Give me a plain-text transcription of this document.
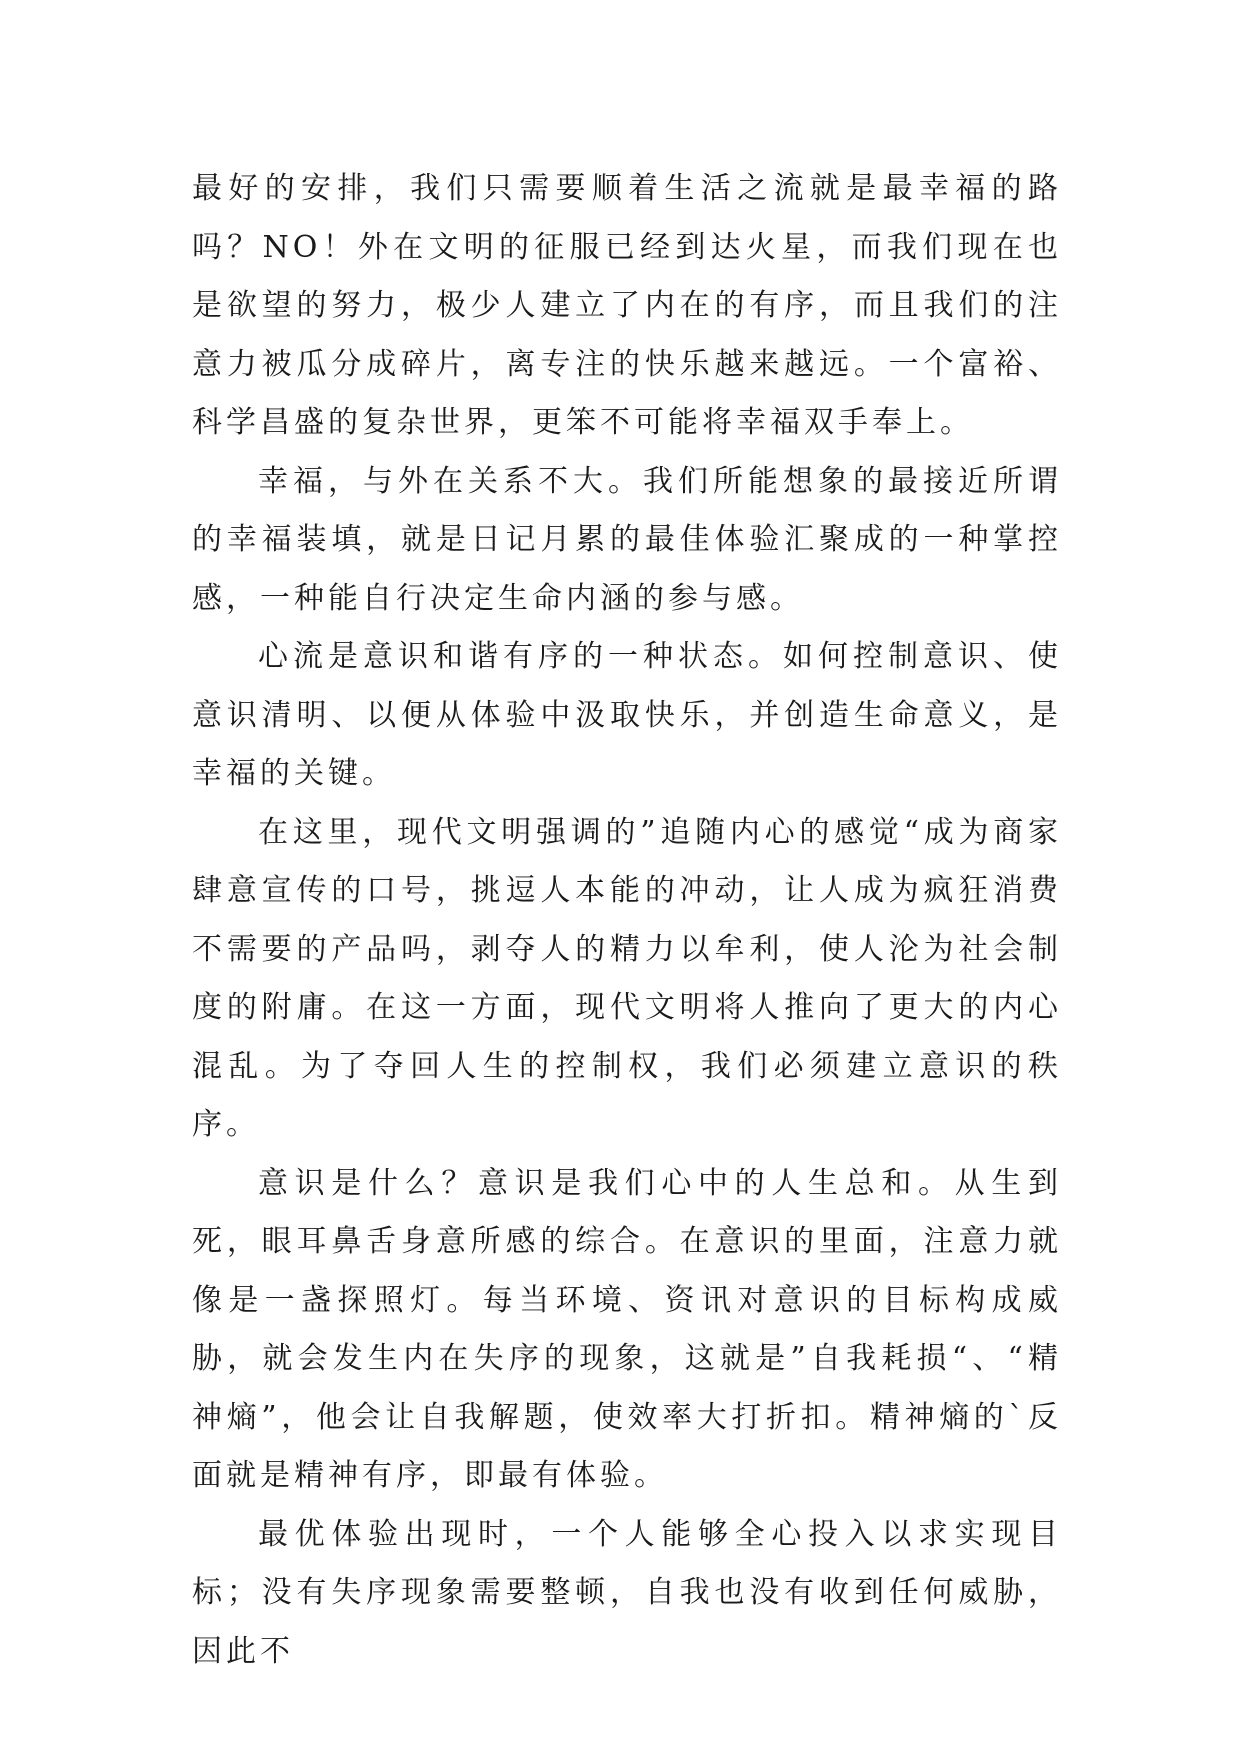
最好的安排，我们只需要顺着生活之流就是最幸福的路吗？NO！外在文明的征服已经到达火星，而我们现在也是欲望的努力，极少人建立了内在的有序，而且我们的注意力被瓜分成碎片，离专注的快乐越来越远。一个富裕、科学昌盛的复杂世界，更笨不可能将幸福双手奉上。

幸福，与外在关系不大。我们所能想象的最接近所谓的幸福装填，就是日记月累的最佳体验汇聚成的一种掌控感，一种能自行决定生命内涵的参与感。

心流是意识和谐有序的一种状态。如何控制意识、使意识清明、以便从体验中汲取快乐，并创造生命意义，是幸福的关键。

在这里，现代文明强调的”追随内心的感觉“成为商家肆意宣传的口号，挑逗人本能的冲动，让人成为疯狂消费不需要的产品吗，剥夺人的精力以牟利，使人沦为社会制度的附庸。在这一方面，现代文明将人推向了更大的内心混乱。为了夺回人生的控制权，我们必须建立意识的秩序。

意识是什么？意识是我们心中的人生总和。从生到死，眼耳鼻舌身意所感的综合。在意识的里面，注意力就像是一盏探照灯。每当环境、资讯对意识的目标构成威胁，就会发生内在失序的现象，这就是”自我耗损“、“精神熵”，他会让自我解题，使效率大打折扣。精神熵的`反面就是精神有序，即最有体验。

最优体验出现时，一个人能够全心投入以求实现目标；没有失序现象需要整顿，自我也没有收到任何威胁，因此不
